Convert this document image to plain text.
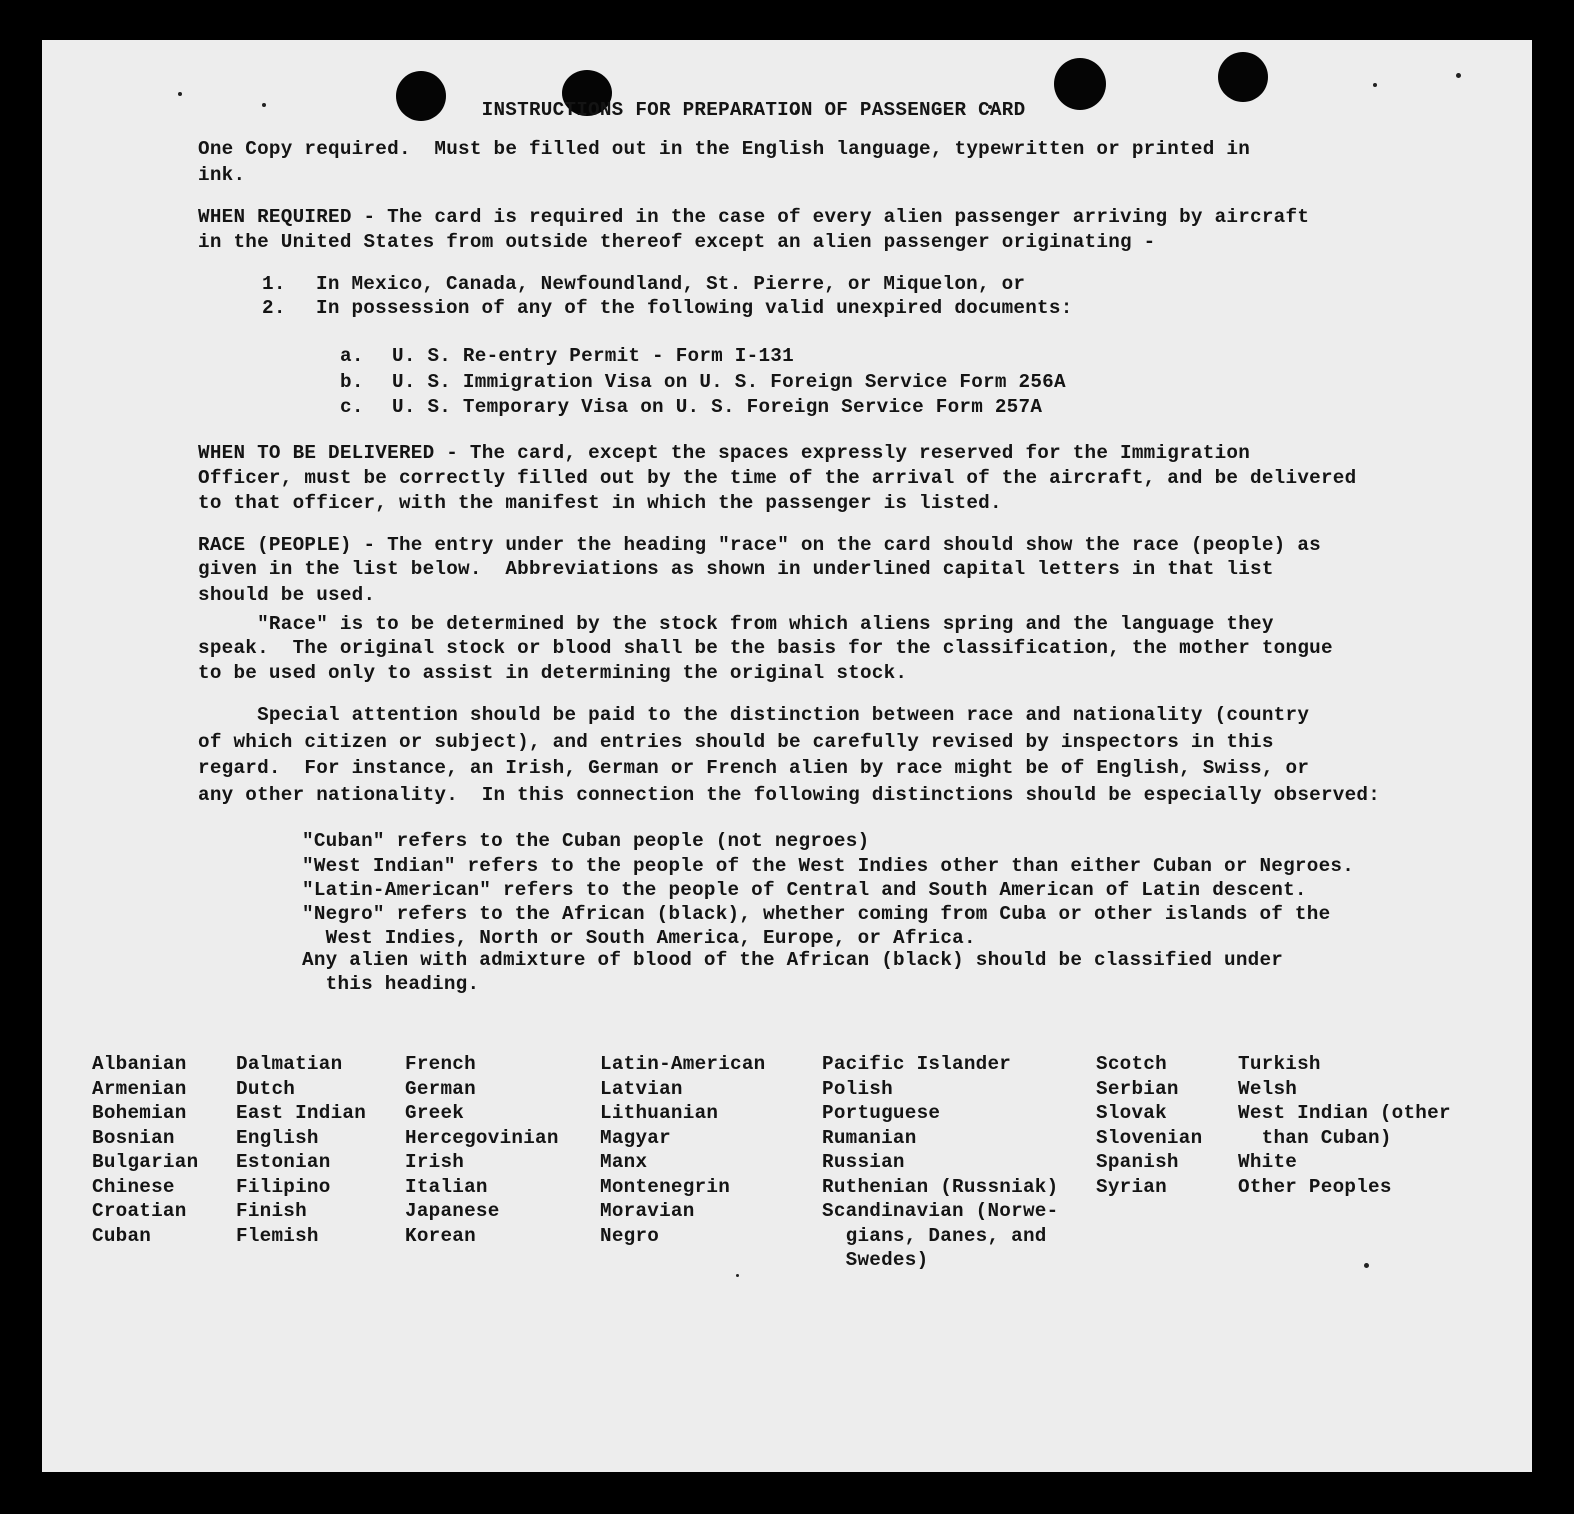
INSTRUCTIONS FOR PREPARATION OF PASSENGER CARD

One Copy required.  Must be filled out in the English language, typewritten or printed in
ink.
WHEN REQUIRED - The card is required in the case of every alien passenger arriving by aircraft
in the United States from outside thereof except an alien passenger originating -
1. In Mexico, Canada, Newfoundland, St. Pierre, or Miquelon, or
2. In possession of any of the following valid unexpired documents:
a. U. S. Re-entry Permit - Form I-131
b. U. S. Immigration Visa on U. S. Foreign Service Form 256A
c. U. S. Temporary Visa on U. S. Foreign Service Form 257A
WHEN TO BE DELIVERED - The card, except the spaces expressly reserved for the Immigration
Officer, must be correctly filled out by the time of the arrival of the aircraft, and be delivered
to that officer, with the manifest in which the passenger is listed.
RACE (PEOPLE) - The entry under the heading "race" on the card should show the race (people) as
given in the list below.  Abbreviations as shown in underlined capital letters in that list
should be used.
"Race" is to be determined by the stock from which aliens spring and the language they
speak.  The original stock or blood shall be the basis for the classification, the mother tongue
to be used only to assist in determining the original stock.
Special attention should be paid to the distinction between race and nationality (country
of which citizen or subject), and entries should be carefully revised by inspectors in this
regard.  For instance, an Irish, German or French alien by race might be of English, Swiss, or
any other nationality.  In this connection the following distinctions should be especially observed:
"Cuban" refers to the Cuban people (not negroes)
"West Indian" refers to the people of the West Indies other than either Cuban or Negroes.
"Latin-American" refers to the people of Central and South American of Latin descent.
"Negro" refers to the African (black), whether coming from Cuba or other islands of the
West Indies, North or South America, Europe, or Africa.
Any alien with admixture of blood of the African (black) should be classified under
this heading.
Albanian
Armenian
Bohemian
Bosnian
Bulgarian
Chinese
Croatian
Cuban
Dalmatian
Dutch
East Indian
English
Estonian
Filipino
Finish
Flemish
French
German
Greek
Hercegovinian
Irish
Italian
Japanese
Korean
Latin-American
Latvian
Lithuanian
Magyar
Manx
Montenegrin
Moravian
Negro
Pacific Islander
Polish
Portuguese
Rumanian
Russian
Ruthenian (Russniak)
Scandinavian (Norwe-
gians, Danes, and
Swedes)
Scotch
Serbian
Slovak
Slovenian
Spanish
Syrian
Turkish
Welsh
West Indian (other
than Cuban)
White
Other Peoples
